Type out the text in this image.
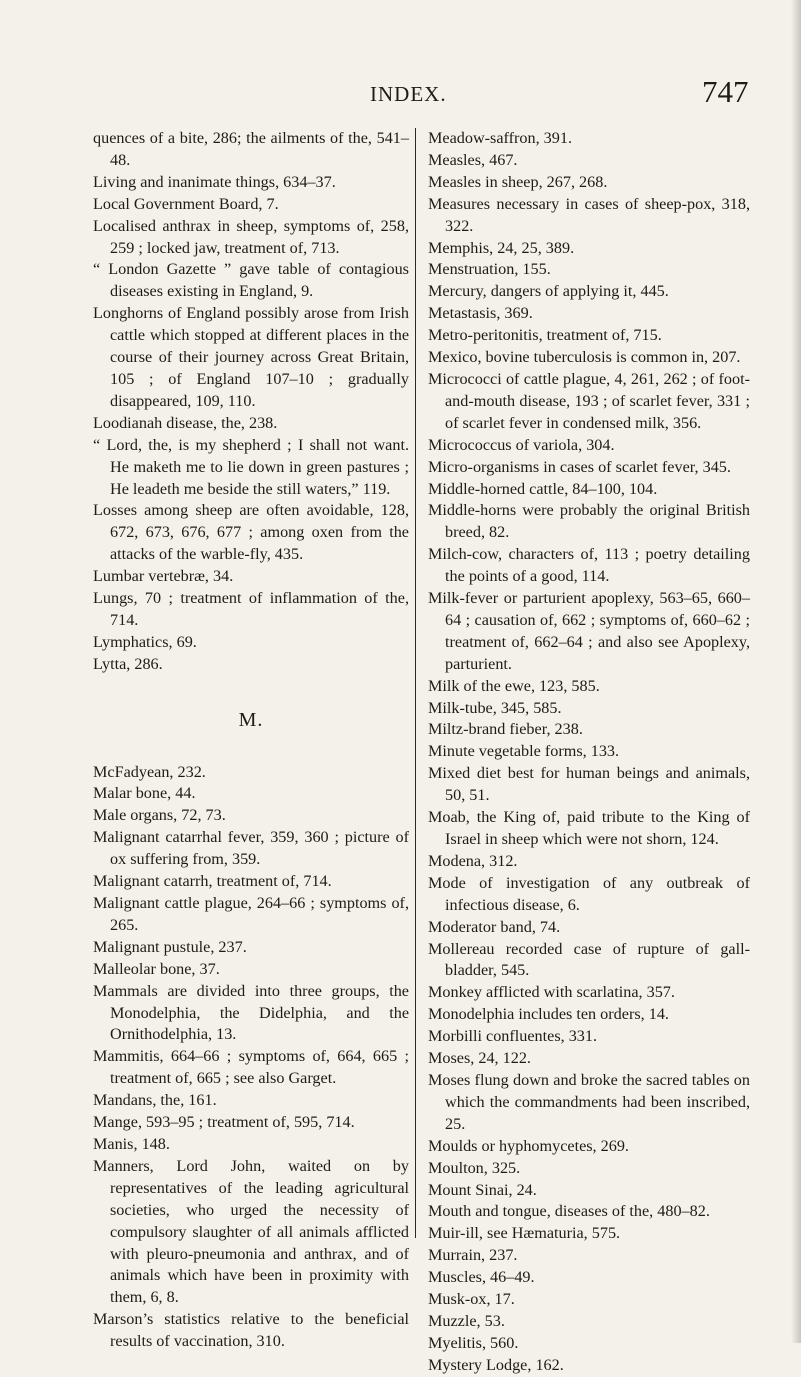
INDEX.	747

quences of a bite, 286; the ailments of the, 541–48.

Living and inanimate things, 634–37.

Local Government Board, 7.

Localised anthrax in sheep, symptoms of, 258, 259 ; locked jaw, treatment of, 713.

“ London Gazette ” gave table of contagious diseases existing in England, 9.

Longhorns of England possibly arose from Irish cattle which stopped at different places in the course of their journey across Great Britain, 105 ; of England 107–10 ; gradually disappeared, 109, 110.

Loodianah disease, the, 238.

“ Lord, the, is my shepherd ; I shall not want. He maketh me to lie down in green pastures ; He leadeth me beside the still waters,” 119.

Losses among sheep are often avoidable, 128, 672, 673, 676, 677 ; among oxen from the attacks of the warble-fly, 435.

Lumbar vertebræ, 34.

Lungs, 70 ; treatment of inflammation of the, 714.

Lymphatics, 69.

Lytta, 286.

M.

McFadyean, 232.

Malar bone, 44.

Male organs, 72, 73.

Malignant catarrhal fever, 359, 360 ; picture of ox suffering from, 359.

Malignant catarrh, treatment of, 714.

Malignant cattle plague, 264–66 ; symptoms of, 265.

Malignant pustule, 237.

Malleolar bone, 37.

Mammals are divided into three groups, the Monodelphia, the Didelphia, and the Ornithodelphia, 13.

Mammitis, 664–66 ; symptoms of, 664, 665 ; treatment of, 665 ; see also Garget.

Mandans, the, 161.

Mange, 593–95 ; treatment of, 595, 714.

Manis, 148.

Manners, Lord John, waited on by representatives of the leading agricultural societies, who urged the necessity of compulsory slaughter of all animals afflicted with pleuro-pneumonia and anthrax, and of animals which have been in proximity with them, 6, 8.

Marson’s statistics relative to the beneficial results of vaccination, 310.

Meadow-saffron, 391.

Measles, 467.

Measles in sheep, 267, 268.

Measures necessary in cases of sheep-pox, 318, 322.

Memphis, 24, 25, 389.

Menstruation, 155.

Mercury, dangers of applying it, 445.

Metastasis, 369.

Metro-peritonitis, treatment of, 715.

Mexico, bovine tuberculosis is common in, 207.

Micrococci of cattle plague, 4, 261, 262 ; of foot-and-mouth disease, 193 ; of scarlet fever, 331 ; of scarlet fever in condensed milk, 356.

Micrococcus of variola, 304.

Micro-organisms in cases of scarlet fever, 345.

Middle-horned cattle, 84–100, 104.

Middle-horns were probably the original British breed, 82.

Milch-cow, characters of, 113 ; poetry detailing the points of a good, 114.

Milk-fever or parturient apoplexy, 563–65, 660–64 ; causation of, 662 ; symptoms of, 660–62 ; treatment of, 662–64 ; and also see Apoplexy, parturient.

Milk of the ewe, 123, 585.

Milk-tube, 345, 585.

Miltz-brand fieber, 238.

Minute vegetable forms, 133.

Mixed diet best for human beings and animals, 50, 51.

Moab, the King of, paid tribute to the King of Israel in sheep which were not shorn, 124.

Modena, 312.

Mode of investigation of any outbreak of infectious disease, 6.

Moderator band, 74.

Mollereau recorded case of rupture of gall-bladder, 545.

Monkey afflicted with scarlatina, 357.

Monodelphia includes ten orders, 14.

Morbilli confluentes, 331.

Moses, 24, 122.

Moses flung down and broke the sacred tables on which the commandments had been inscribed, 25.

Moulds or hyphomycetes, 269.

Moulton, 325.

Mount Sinai, 24.

Mouth and tongue, diseases of the, 480–82.

Muir-ill, see Hæmaturia, 575.

Murrain, 237.

Muscles, 46–49.

Musk-ox, 17.

Muzzle, 53.

Myelitis, 560.

Mystery Lodge, 162.
